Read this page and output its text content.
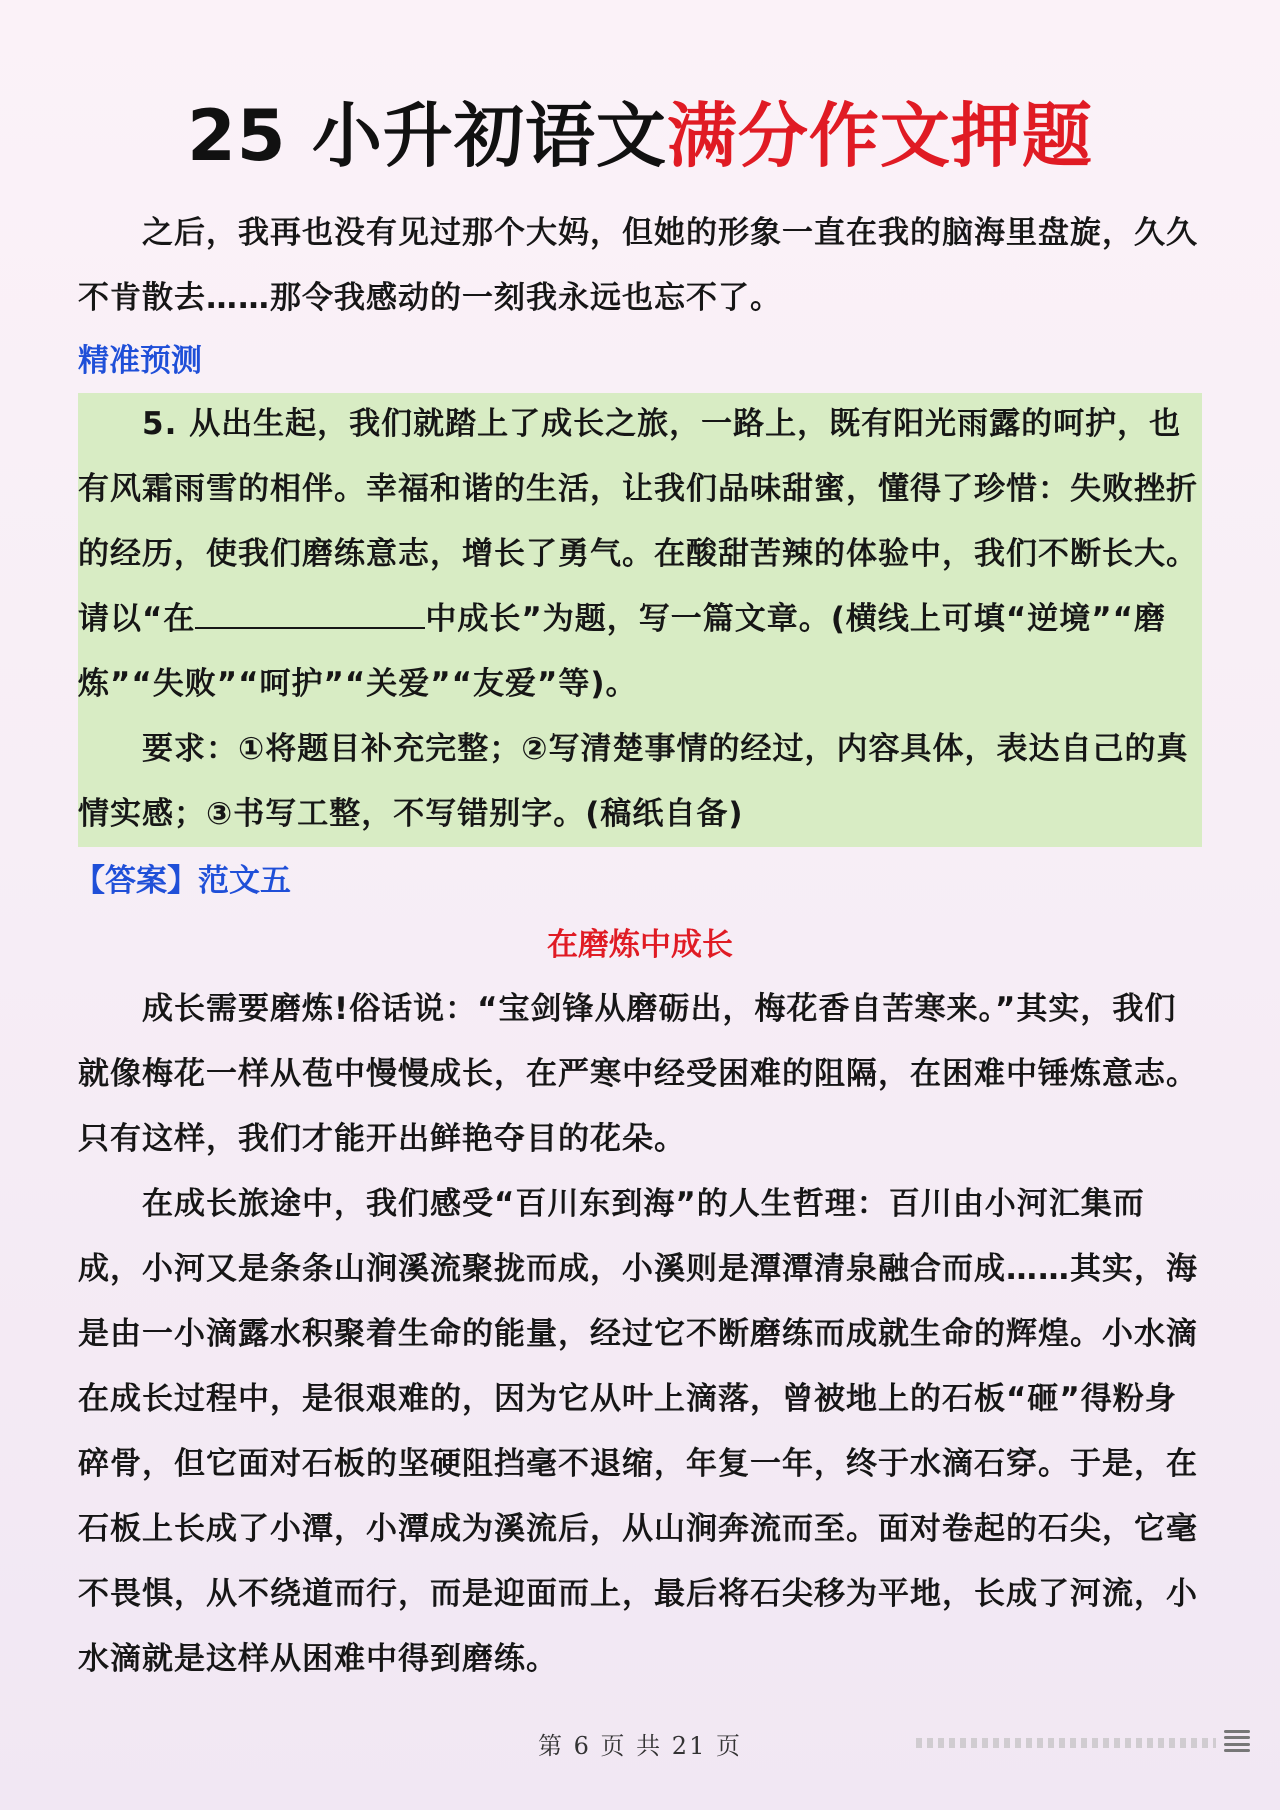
25 小升初语文满分作文押题

之后，我再也没有见过那个大妈，但她的形象一直在我的脑海里盘旋，久久不肯散去……那令我感动的一刻我永远也忘不了。

精准预测

5. 从出生起，我们就踏上了成长之旅，一路上，既有阳光雨露的呵护，也有风霜雨雪的相伴。幸福和谐的生活，让我们品味甜蜜，懂得了珍惜：失败挫折的经历，使我们磨练意志，增长了勇气。在酸甜苦辣的体验中，我们不断长大。请以“在	中成长”为题，写一篇文章。(横线上可填“逆境”“磨炼”“失败”“呵护”“关爱”“友爱”等)。

要求：①将题目补充完整；②写清楚事情的经过，内容具体，表达自己的真情实感；③书写工整，不写错别字。(稿纸自备)

【答案】范文五
在磨炼中成长

成长需要磨炼!俗话说：“宝剑锋从磨砺出，梅花香自苦寒来。”其实，我们就像梅花一样从苞中慢慢成长，在严寒中经受困难的阻隔，在困难中锤炼意志。只有这样，我们才能开出鲜艳夺目的花朵。

在成长旅途中，我们感受“百川东到海”的人生哲理：百川由小河汇集而成，小河又是条条山涧溪流聚拢而成，小溪则是潭潭清泉融合而成……其实，海是由一小滴露水积聚着生命的能量，经过它不断磨练而成就生命的辉煌。小水滴在成长过程中，是很艰难的，因为它从叶上滴落，曾被地上的石板“砸”得粉身碎骨，但它面对石板的坚硬阻挡毫不退缩，年复一年，终于水滴石穿。于是，在石板上长成了小潭，小潭成为溪流后，从山涧奔流而至。面对卷起的石尖，它毫不畏惧，从不绕道而行，而是迎面而上，最后将石尖移为平地，长成了河流，小水滴就是这样从困难中得到磨练。

第 6 页 共 21 页
